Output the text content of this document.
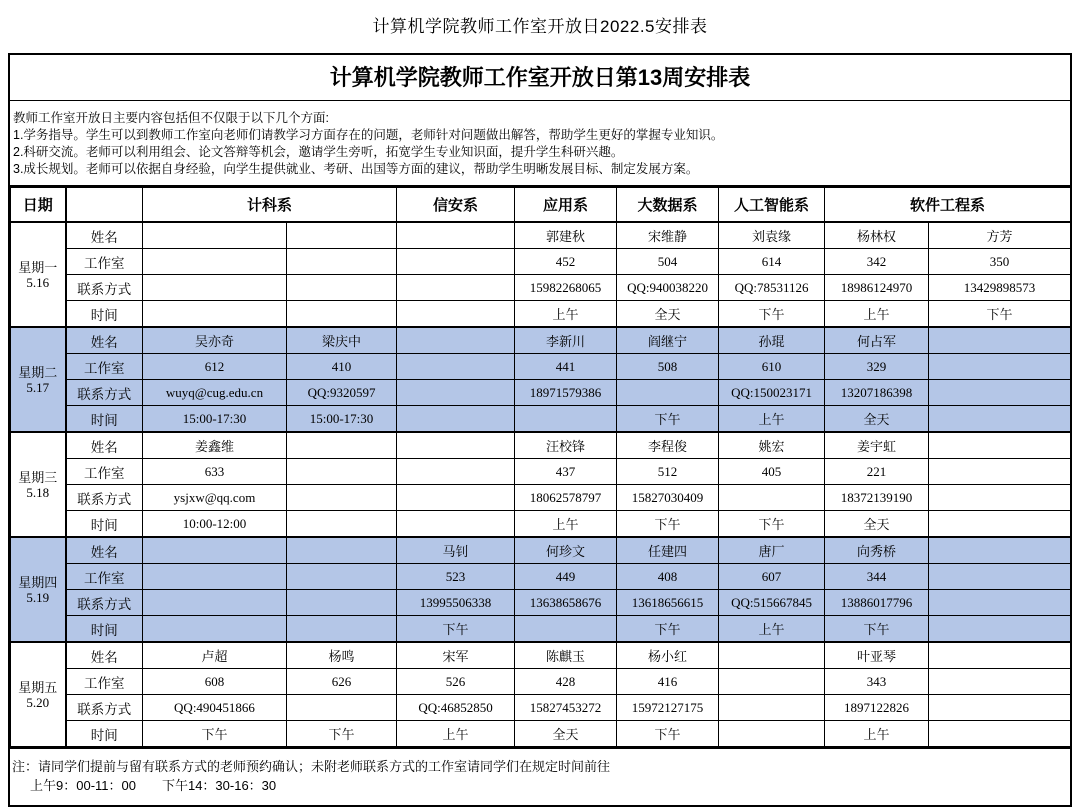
计算机学院教师工作室开放日2022.5安排表
计算机学院教师工作室开放日第13周安排表
教师工作室开放日主要内容包括但不仅限于以下几个方面:
1.学务指导。学生可以到教师工作室向老师们请教学习方面存在的问题，老师针对问题做出解答，帮助学生更好的掌握专业知识。
2.科研交流。老师可以利用组会、论文答辩等机会，邀请学生旁听，拓宽学生专业知识面，提升学生科研兴趣。
3.成长规划。老师可以依据自身经验，向学生提供就业、考研、出国等方面的建议，帮助学生明晰发展目标、制定发展方案。
日期		计科系		信安系	应用系	大数据系	人工智能系	软件工程系	

星期一
5.16	姓名				郭建秋	宋维静	刘袁缘	杨林权	方芳
	工作室				452	504	614	342	350
	联系方式				15982268065	QQ:940038220	QQ:78531126	18986124970	13429898573
	时间				上午	全天	下午	上午	下午

星期二
5.17	姓名	吴亦奇	梁庆中		李新川	阎继宁	孙琨	何占军	
	工作室	612	410		441	508	610	329	
	联系方式	wuyq@cug.edu.cn	QQ:9320597		18971579386		QQ:150023171	13207186398	
	时间	15:00-17:30	15:00-17:30			下午	上午	全天	

星期三
5.18	姓名	姜鑫维			汪校锋	李程俊	姚宏	姜宇虹	
	工作室	633			437	512	405	221	
	联系方式	ysjxw@qq.com			18062578797	15827030409		18372139190	
	时间	10:00-12:00			上午	下午	下午	全天	

星期四
5.19	姓名			马钊	何珍文	任建四	唐厂	向秀桥	
	工作室			523	449	408	607	344	
	联系方式			13995506338	13638658676	13618656615	QQ:515667845	13886017796	
	时间			下午		下午	上午	下午	

星期五
5.20	姓名	卢超	杨鸣	宋军	陈麒玉	杨小红		叶亚琴	
	工作室	608	626	526	428	416		343	
	联系方式	QQ:490451866		QQ:46852850	15827453272	15972127175		1897122826	
	时间	下午	下午	上午	全天	下午		上午	
注：请同学们提前与留有联系方式的老师预约确认；未附老师联系方式的工作室请同学们在规定时间前往
上午9：00-11：00　　下午14：30-16：30
